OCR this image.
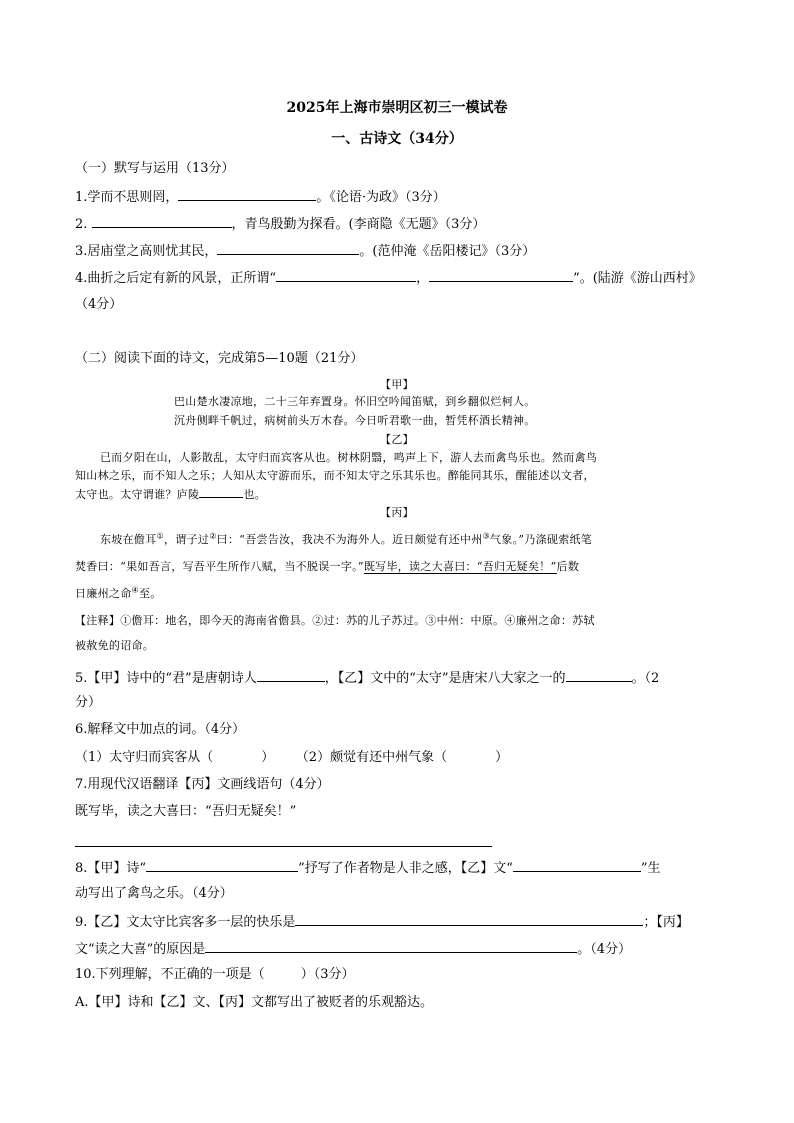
2025年上海市崇明区初三一模试卷
一、古诗文（34分）
（一）默写与运用（13分）
1.学而不思则罔，	。《论语·为政》（3分）
2.	，青鸟殷勤为探看。(李商隐《无题》（3分）
3.居庙堂之高则忧其民，	。(范仲淹《岳阳楼记》（3分）
4.曲折之后定有新的风景，正所谓“	，	”。(陆游《游山西村》
（4分）
（二）阅读下面的诗文，完成第5—10题（21分）
【甲】
巴山楚水凄凉地，二十三年弃置身。怀旧空吟闻笛赋，到乡翻似烂柯人。
沉舟侧畔千帆过，病树前头万木春。今日听君歌一曲，暂凭杯酒长精神。
【乙】
已而夕阳在山，人影散乱，太守归而宾客从也。树林阴翳，鸣声上下，游人去而禽鸟乐也。然而禽鸟
知山林之乐，而不知人之乐；人知从太守游而乐，而不知太守之乐其乐也。醉能同其乐，醒能述以文者，
太守也。太守谓谁？庐陵	也。
【丙】
东坡在儋耳①，谓子过②曰：“吾尝告汝，我决不为海外人。近日颇觉有还中州③气象。”乃涤砚索纸笔
焚香曰：“果如吾言，写吾平生所作八赋，当不脱误一字。”既写毕，读之大喜曰：“吾归无疑矣！”后数
日廉州之命④至。
【注释】①儋耳：地名，即今天的海南省儋县。②过：苏的儿子苏过。③中州：中原。④廉州之命：苏轼
被赦免的诏命。
5.【甲】诗中的“君”是唐朝诗人	，【乙】文中的“太守”是唐宋八大家之一的	。（2
分）
6.解释文中加点的词。（4分）
（1）太守归而宾客从（	） （2）颇觉有还中州气象（	）
7.用现代汉语翻译【丙】文画线语句（4分）
既写毕，读之大喜曰：“吾归无疑矣！”
8.【甲】诗“	”抒写了作者物是人非之感，【乙】文“	”生
动写出了禽鸟之乐。（4分）
9.【乙】文太守比宾客多一层的快乐是	；【丙】
文“读之大喜”的原因是	。（4分）
10.下列理解，不正确的一项是（	）（3分）
A.【甲】诗和【乙】文、【丙】文都写出了被贬者的乐观豁达。
